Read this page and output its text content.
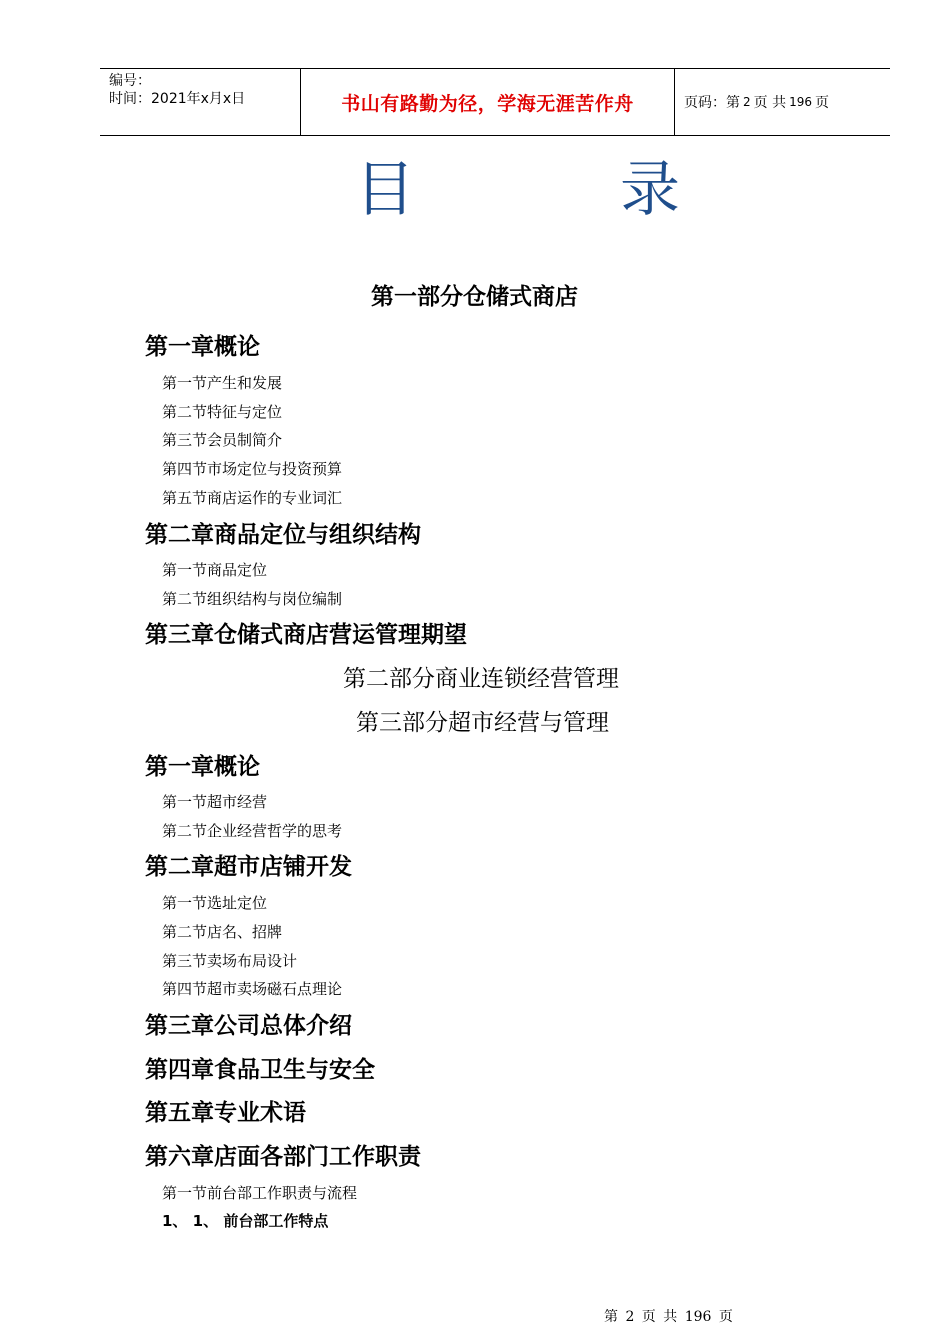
编号：
时间：2021年x月x日	书山有路勤为径，学海无涯苦作舟	页码：第 2 页 共 196 页
目	录
第一部分仓储式商店
第一章概论
第一节产生和发展
第二节特征与定位
第三节会员制简介
第四节市场定位与投资预算
第五节商店运作的专业词汇
第二章商品定位与组织结构
第一节商品定位
第二节组织结构与岗位编制
第三章仓储式商店营运管理期望
第二部分商业连锁经营管理
第三部分超市经营与管理
第一章概论
第一节超市经营
第二节企业经营哲学的思考
第二章超市店铺开发
第一节选址定位
第二节店名、招牌
第三节卖场布局设计
第四节超市卖场磁石点理论
第三章公司总体介绍
第四章食品卫生与安全
第五章专业术语
第六章店面各部门工作职责
第一节前台部工作职责与流程
1、 1、 前台部工作特点
第 2 页 共 196 页
